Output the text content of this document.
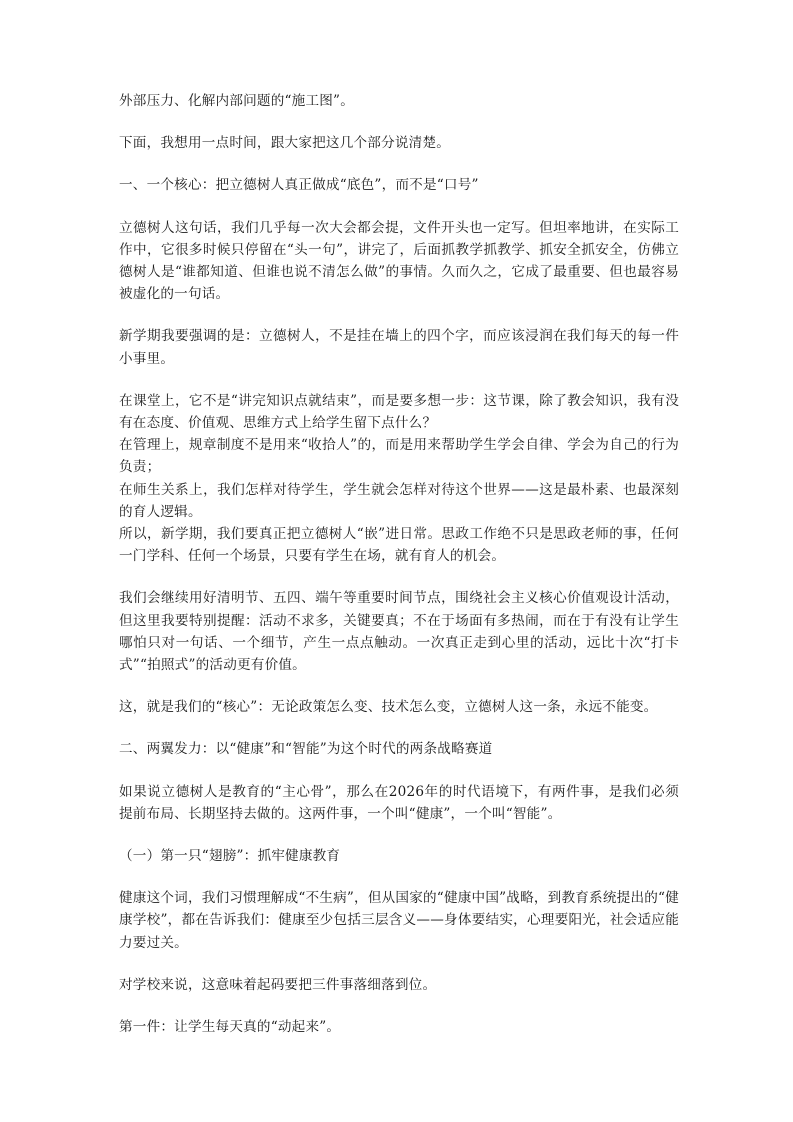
外部压力、化解内部问题的“施工图”。

下面，我想用一点时间，跟大家把这几个部分说清楚。

一、一个核心：把立德树人真正做成“底色”，而不是“口号”

立德树人这句话，我们几乎每一次大会都会提，文件开头也一定写。但坦率地讲，在实际工作中，它很多时候只停留在“头一句”，讲完了，后面抓教学抓教学、抓安全抓安全，仿佛立德树人是“谁都知道、但谁也说不清怎么做”的事情。久而久之，它成了最重要、但也最容易被虚化的一句话。

新学期我要强调的是：立德树人，不是挂在墙上的四个字，而应该浸润在我们每天的每一件小事里。

在课堂上，它不是“讲完知识点就结束”，而是要多想一步：这节课，除了教会知识，我有没有在态度、价值观、思维方式上给学生留下点什么？

在管理上，规章制度不是用来“收拾人”的，而是用来帮助学生学会自律、学会为自己的行为负责；

在师生关系上，我们怎样对待学生，学生就会怎样对待这个世界——这是最朴素、也最深刻的育人逻辑。

所以，新学期，我们要真正把立德树人“嵌”进日常。思政工作绝不只是思政老师的事，任何一门学科、任何一个场景，只要有学生在场，就有育人的机会。

我们会继续用好清明节、五四、端午等重要时间节点，围绕社会主义核心价值观设计活动，但这里我要特别提醒：活动不求多，关键要真；不在于场面有多热闹，而在于有没有让学生哪怕只对一句话、一个细节，产生一点点触动。一次真正走到心里的活动，远比十次“打卡式”“拍照式”的活动更有价值。

这，就是我们的“核心”：无论政策怎么变、技术怎么变，立德树人这一条，永远不能变。

二、两翼发力：以“健康”和“智能”为这个时代的两条战略赛道

如果说立德树人是教育的“主心骨”，那么在2026年的时代语境下，有两件事，是我们必须提前布局、长期坚持去做的。这两件事，一个叫“健康”，一个叫“智能”。

（一）第一只“翅膀”：抓牢健康教育

健康这个词，我们习惯理解成“不生病”，但从国家的“健康中国”战略，到教育系统提出的“健康学校”，都在告诉我们：健康至少包括三层含义——身体要结实，心理要阳光，社会适应能力要过关。

对学校来说，这意味着起码要把三件事落细落到位。

第一件：让学生每天真的“动起来”。
